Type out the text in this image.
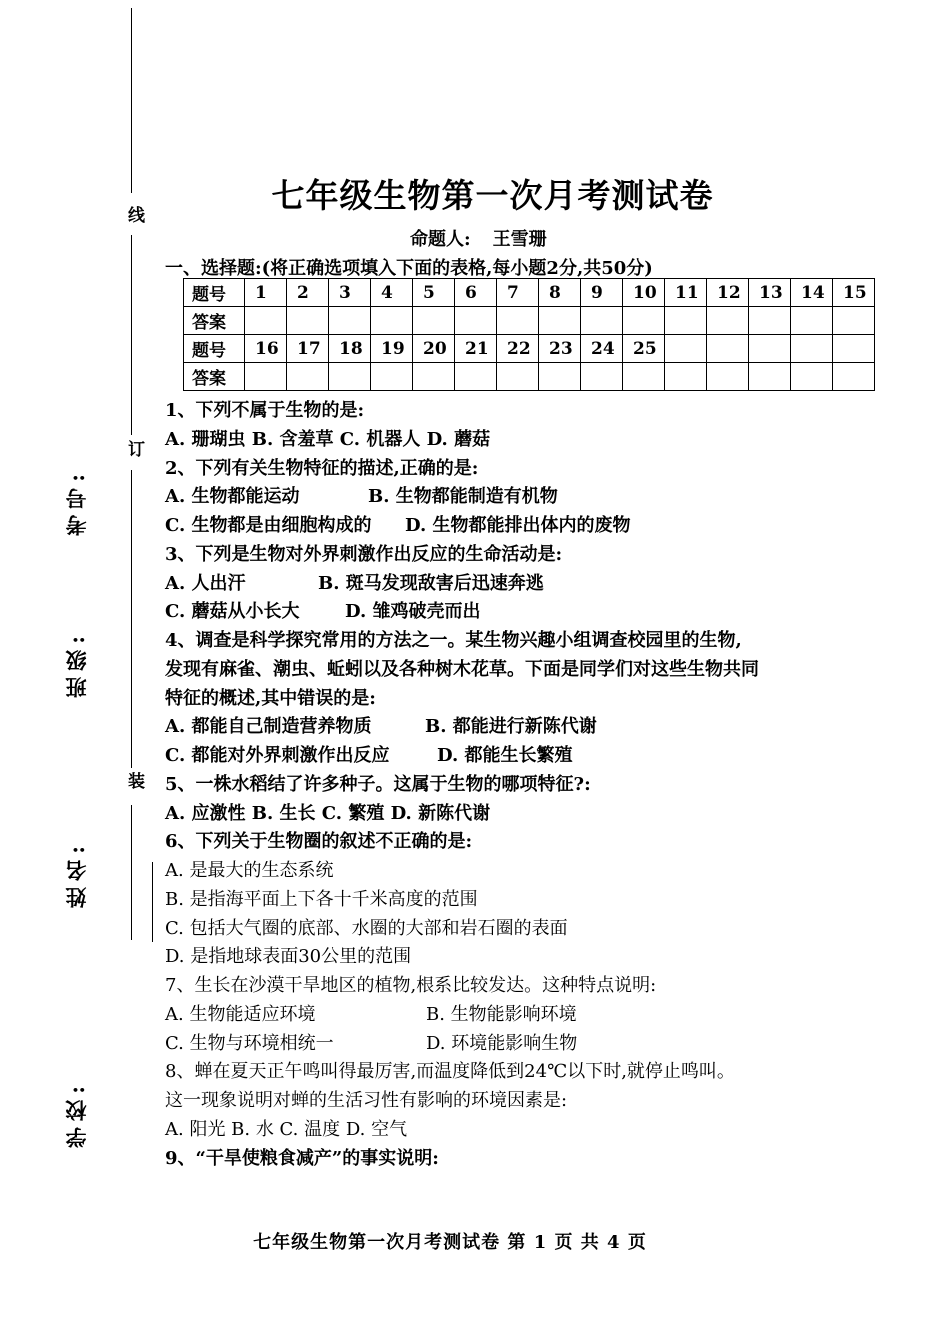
线
订
装
考号:
班级:
姓名:
学校:
七年级生物第一次月考测试卷
命题人: 王雪珊
一、选择题:(将正确选项填入下面的表格,每小题2分,共50分)
题号	1	2	3	4	5	6	7	8	9	10	11	12	13	14	15
答案															
题号	16	17	18	19	20	21	22	23	24	25					
答案															
1、下列不属于生物的是:
A. 珊瑚虫 B. 含羞草 C. 机器人 D. 蘑菇
2、下列有关生物特征的描述,正确的是:
A. 生物都能运动	B. 生物都能制造有机物
C. 生物都是由细胞构成的 D. 生物都能排出体内的废物
3、下列是生物对外界刺激作出反应的生命活动是:
A. 人出汗	B. 斑马发现敌害后迅速奔逃
C. 蘑菇从小长大	D. 雏鸡破壳而出
4、调查是科学探究常用的方法之一。某生物兴趣小组调查校园里的生物,
发现有麻雀、潮虫、蚯蚓以及各种树木花草。下面是同学们对这些生物共同
特征的概述,其中错误的是:
A. 都能自己制造营养物质	B. 都能进行新陈代谢
C. 都能对外界刺激作出反应	D. 都能生长繁殖
5、一株水稻结了许多种子。这属于生物的哪项特征?:
A. 应激性 B. 生长 C. 繁殖 D. 新陈代谢
6、下列关于生物圈的叙述不正确的是:
A. 是最大的生态系统
B. 是指海平面上下各十千米高度的范围
C. 包括大气圈的底部、水圈的大部和岩石圈的表面
D. 是指地球表面30公里的范围
7、生长在沙漠干旱地区的植物,根系比较发达。这种特点说明:
A. 生物能适应环境	B. 生物能影响环境
C. 生物与环境相统一	D. 环境能影响生物
8、蝉在夏天正午鸣叫得最厉害,而温度降低到24℃以下时,就停止鸣叫。
这一现象说明对蝉的生活习性有影响的环境因素是:
A. 阳光 B. 水 C. 温度 D. 空气
9、“干旱使粮食减产”的事实说明:
七年级生物第一次月考测试卷 第 1 页 共 4 页
